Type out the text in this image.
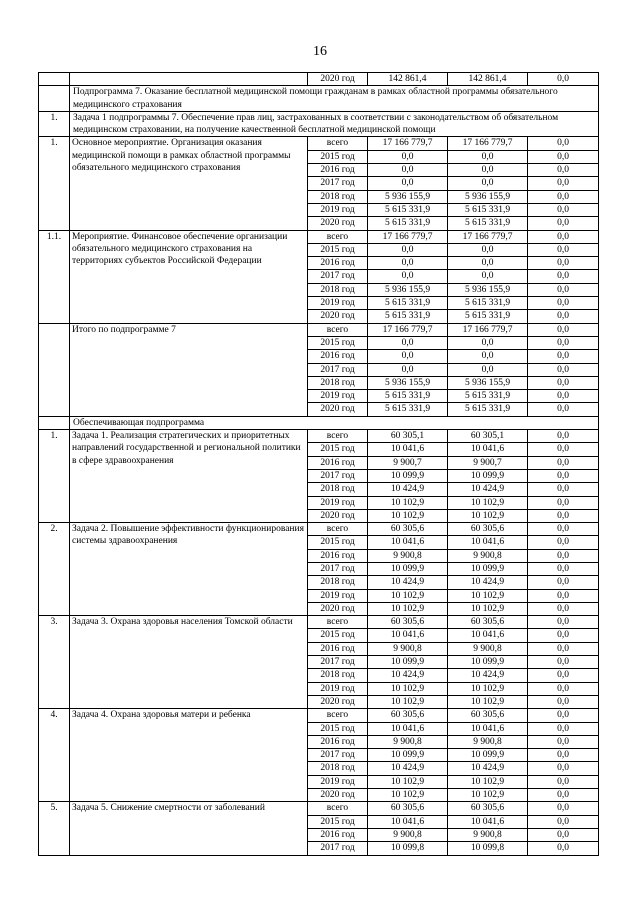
16
		2020 год	142 861,4	142 861,4	0,0
	Подпрограмма 7. Оказание бесплатной медицинской помощи гражданам в рамках областной программы обязательного медицинского страхования				
1.	Задача 1 подпрограммы 7. Обеспечение прав лиц, застрахованных в соответствии с законодательством об обязательном медицинском страховании, на получение качественной бесплатной медицинской помощи				
1.	Основное мероприятие. Организация оказания медицинской помощи в рамках областной программы обязательного медицинского страхования	всего	17 166 779,7	17 166 779,7	0,0
		2015 год	0,0	0,0	0,0
		2016 год	0,0	0,0	0,0
		2017 год	0,0	0,0	0,0
		2018 год	5 936 155,9	5 936 155,9	0,0
		2019 год	5 615 331,9	5 615 331,9	0,0
		2020 год	5 615 331,9	5 615 331,9	0,0
1.1.	Мероприятие. Финансовое обеспечение организации обязательного медицинского страхования на территориях субъектов Российской Федерации	всего	17 166 779,7	17 166 779,7	0,0
		2015 год	0,0	0,0	0,0
		2016 год	0,0	0,0	0,0
		2017 год	0,0	0,0	0,0
		2018 год	5 936 155,9	5 936 155,9	0,0
		2019 год	5 615 331,9	5 615 331,9	0,0
		2020 год	5 615 331,9	5 615 331,9	0,0
	Итого по подпрограмме 7	всего	17 166 779,7	17 166 779,7	0,0
		2015 год	0,0	0,0	0,0
		2016 год	0,0	0,0	0,0
		2017 год	0,0	0,0	0,0
		2018 год	5 936 155,9	5 936 155,9	0,0
		2019 год	5 615 331,9	5 615 331,9	0,0
		2020 год	5 615 331,9	5 615 331,9	0,0
	Обеспечивающая подпрограмма				
1.	Задача 1. Реализация стратегических и приоритетных направлений государственной и региональной политики в сфере здравоохранения	всего	60 305,1	60 305,1	0,0
		2015 год	10 041,6	10 041,6	0,0
		2016 год	9 900,7	9 900,7	0,0
		2017 год	10 099,9	10 099,9	0,0
		2018 год	10 424,9	10 424,9	0,0
		2019 год	10 102,9	10 102,9	0,0
		2020 год	10 102,9	10 102,9	0,0
2.	Задача 2. Повышение эффективности функционирования системы здравоохранения	всего	60 305,6	60 305,6	0,0
		2015 год	10 041,6	10 041,6	0,0
		2016 год	9 900,8	9 900,8	0,0
		2017 год	10 099,9	10 099,9	0,0
		2018 год	10 424,9	10 424,9	0,0
		2019 год	10 102,9	10 102,9	0,0
		2020 год	10 102,9	10 102,9	0,0
3.	Задача 3. Охрана здоровья населения Томской области	всего	60 305,6	60 305,6	0,0
		2015 год	10 041,6	10 041,6	0,0
		2016 год	9 900,8	9 900,8	0,0
		2017 год	10 099,9	10 099,9	0,0
		2018 год	10 424,9	10 424,9	0,0
		2019 год	10 102,9	10 102,9	0,0
		2020 год	10 102,9	10 102,9	0,0
4.	Задача 4. Охрана здоровья матери и ребенка	всего	60 305,6	60 305,6	0,0
		2015 год	10 041,6	10 041,6	0,0
		2016 год	9 900,8	9 900,8	0,0
		2017 год	10 099,9	10 099,9	0,0
		2018 год	10 424,9	10 424,9	0,0
		2019 год	10 102,9	10 102,9	0,0
		2020 год	10 102,9	10 102,9	0,0
5.	Задача 5. Снижение смертности от заболеваний	всего	60 305,6	60 305,6	0,0
		2015 год	10 041,6	10 041,6	0,0
		2016 год	9 900,8	9 900,8	0,0
		2017 год	10 099,8	10 099,8	0,0
